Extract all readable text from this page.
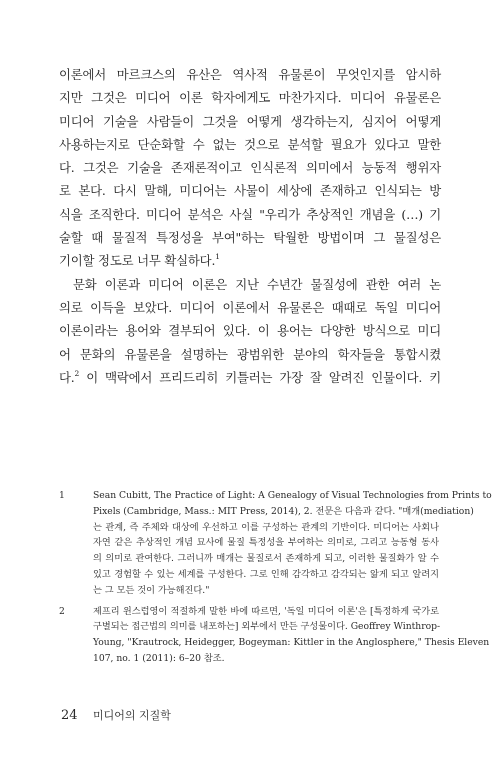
이론에서 마르크스의 유산은 역사적 유물론이 무엇인지를 암시하
지만 그것은 미디어 이론 학자에게도 마찬가지다. 미디어 유물론은
미디어 기술을 사람들이 그것을 어떻게 생각하는지, 심지어 어떻게
사용하는지로 단순화할 수 없는 것으로 분석할 필요가 있다고 말한
다. 그것은 기술을 존재론적이고 인식론적 의미에서 능동적 행위자
로 본다. 다시 말해, 미디어는 사물이 세상에 존재하고 인식되는 방
식을 조직한다. 미디어 분석은 사실 "우리가 추상적인 개념을 (…) 기
술할 때 물질적 특정성을 부여"하는 탁월한 방법이며 그 물질성은
기이할 정도로 너무 확실하다.$^1$
문화 이론과 미디어 이론은 지난 수년간 물질성에 관한 여러 논
의로 이득을 보았다. 미디어 이론에서 유물론은 때때로 독일 미디어
이론이라는 용어와 결부되어 있다. 이 용어는 다양한 방식으로 미디
어 문화의 유물론을 설명하는 광범위한 분야의 학자들을 통합시켰
다.$^2$ 이 맥락에서 프리드리히 키틀러는 가장 잘 알려진 인물이다. 키
1	Sean Cubitt, The Practice of Light: A Genealogy of Visual Technologies from Prints to
Pixels (Cambridge, Mass.: MIT Press, 2014), 2. 전문은 다음과 같다. "매개(mediation)
는 관계, 즉 주체와 대상에 우선하고 이를 구성하는 관계의 기반이다. 미디어는 사회나
자연 같은 추상적인 개념 묘사에 물질 특정성을 부여하는 의미로, 그리고 능동형 동사
의 의미로 관여한다. 그러니까 매개는 물질로서 존재하게 되고, 이러한 물질화가 알 수
있고 경험할 수 있는 세계를 구성한다. 그로 인해 감각하고 감각되는 앎게 되고 알려지
는 그 모든 것이 가능해진다."
2	제프리 윈스럽영이 적절하게 말한 바에 따르면, '독일 미디어 이론'은 [특정하게 국가로
구별되는 접근법의 의미를 내포하는] 외부에서 만든 구성물이다. Geoffrey Winthrop-
Young, "Krautrock, Heidegger, Bogeyman: Kittler in the Anglosphere," Thesis Eleven
107, no. 1 (2011): 6–20 참조.
24 미디어의 지질학
